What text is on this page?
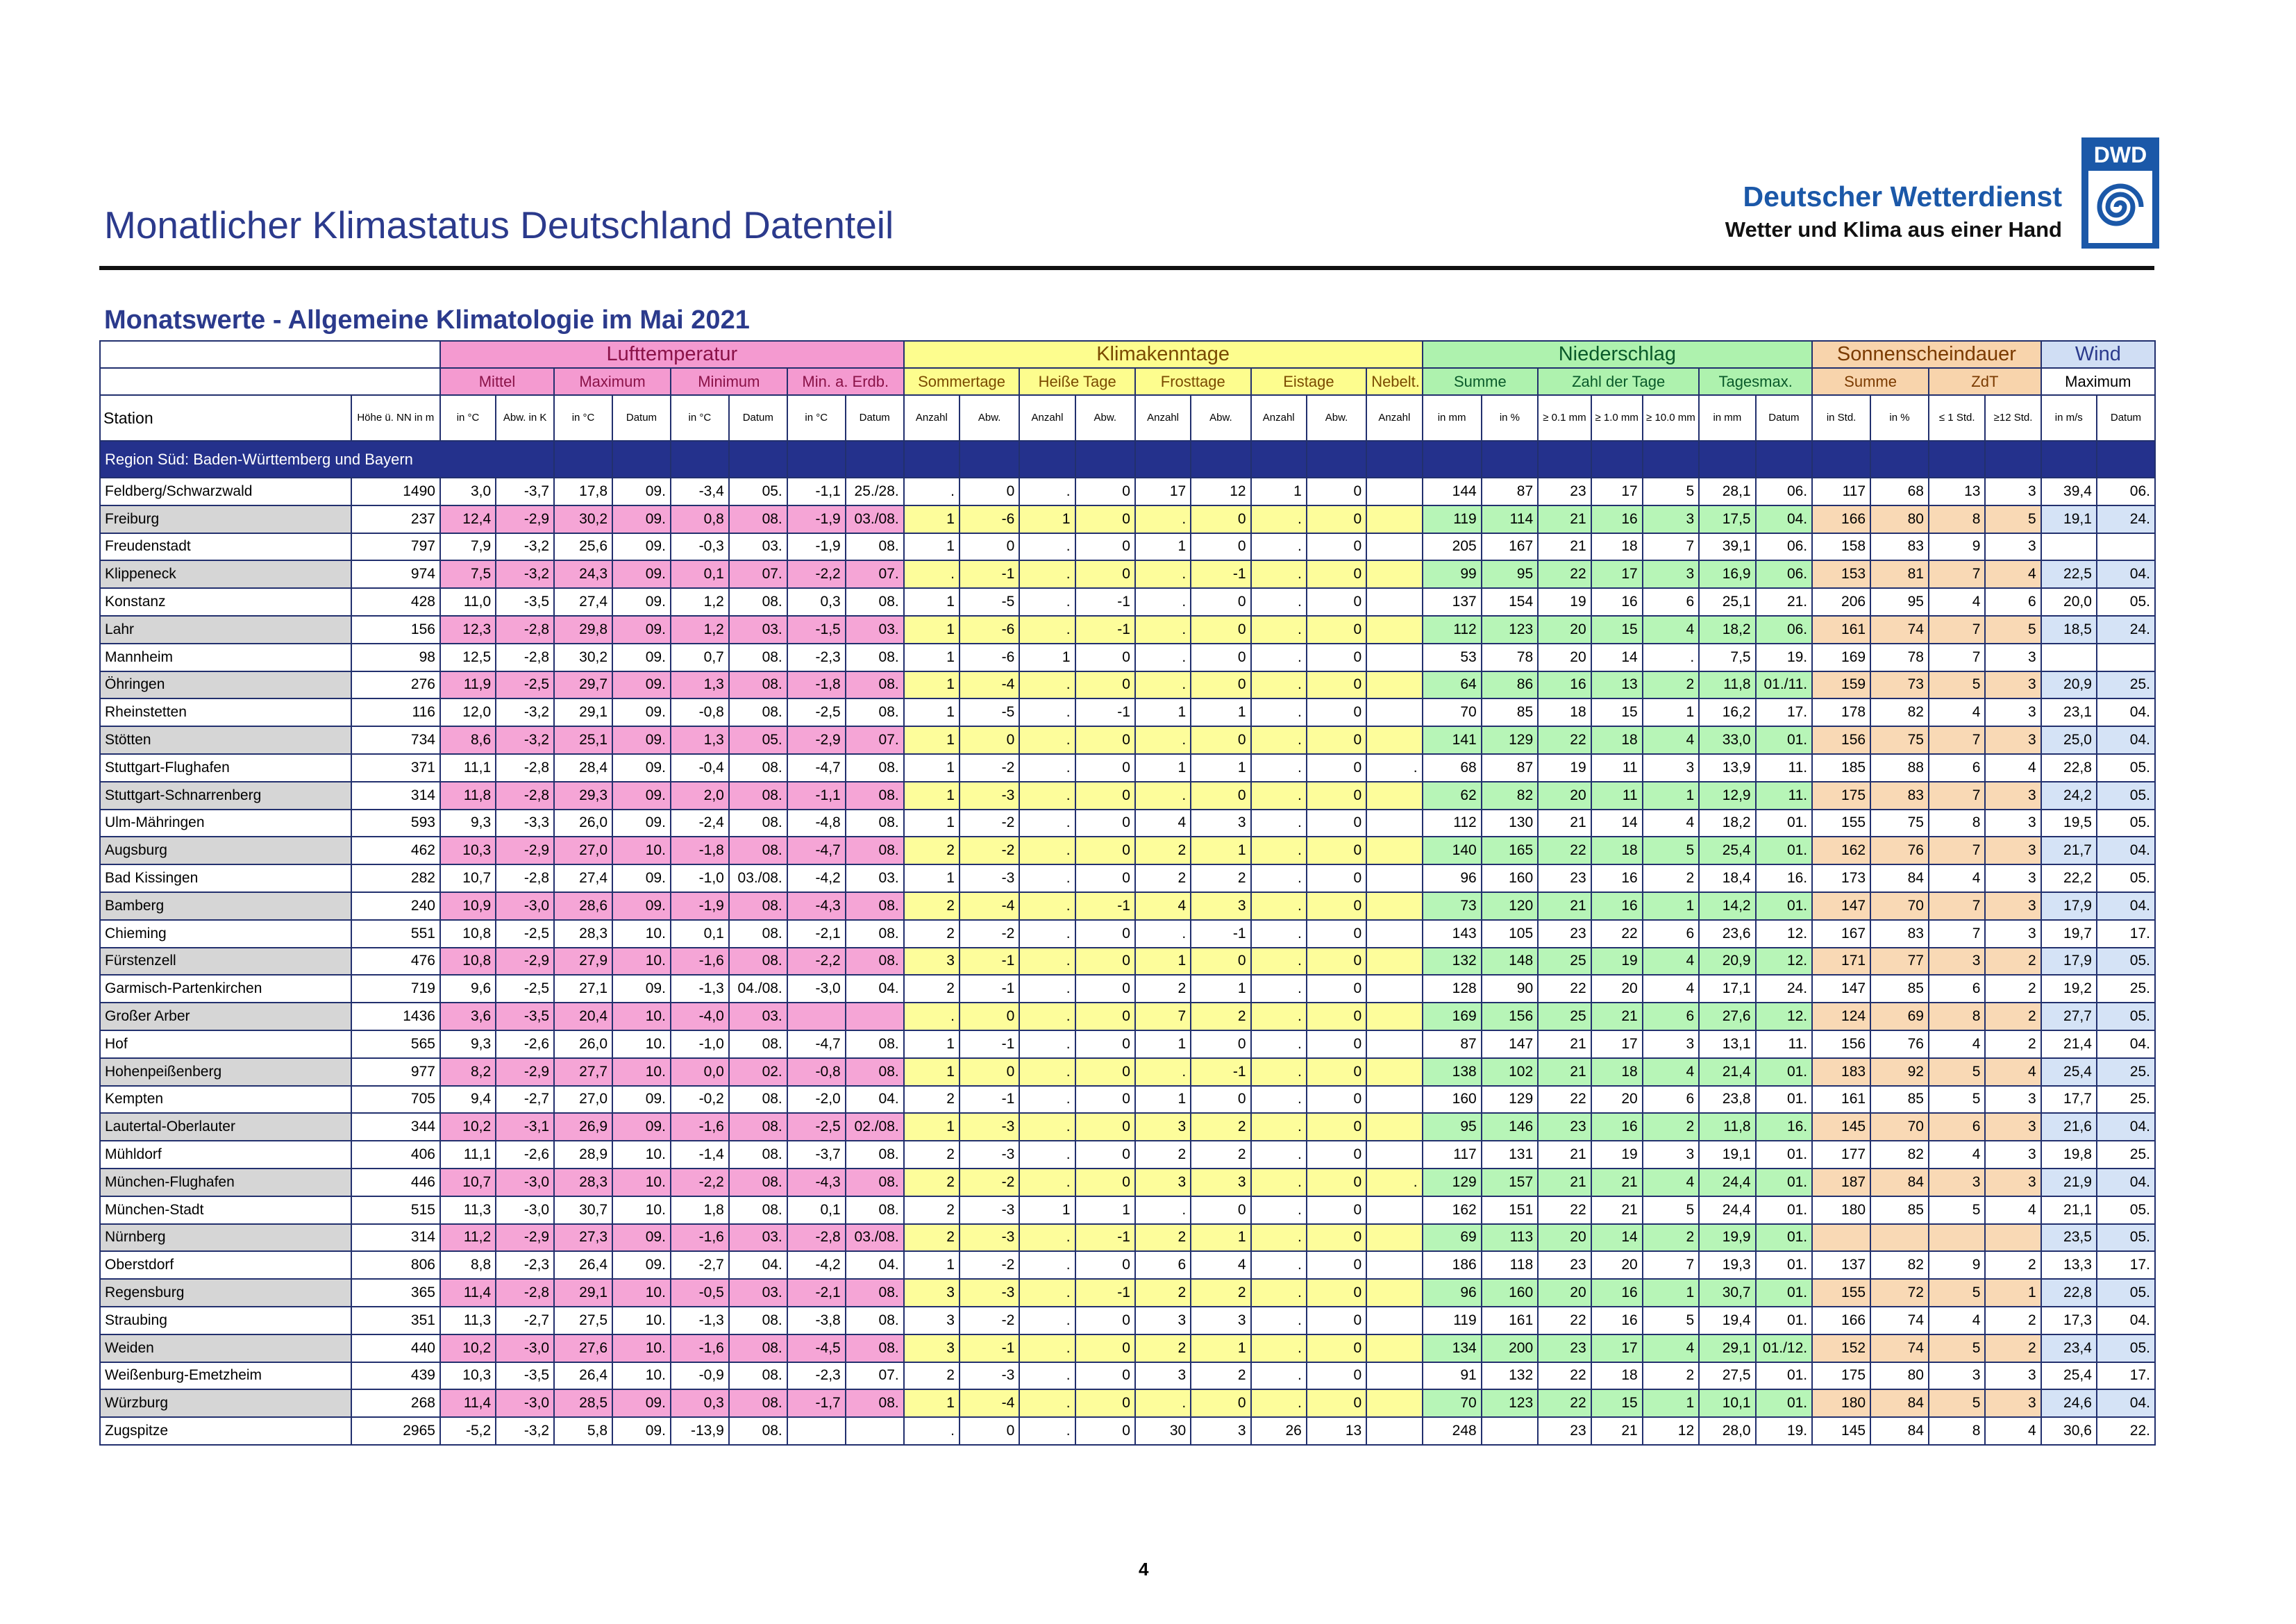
Monatlicher Klimastatus Deutschland Datenteil
Deutscher Wetterdienst
Wetter und Klima aus einer Hand
DWD
Monatswerte - Allgemeine Klimatologie im Mai 2021
		Lufttemperatur								Klimakenntage									Niederschlag							Sonnenscheindauer				Wind	
		Mittel		Maximum		Minimum		Min. a. Erdb.		Sommertage		Heiße Tage		Frosttage		Eistage		Nebelt.	Summe		Zahl der Tage			Tagesmax.		Summe		ZdT		Maximum	
Station	Höhe ü. NN in m	in °C	Abw. in K	in °C	Datum	in °C	Datum	in °C	Datum	Anzahl	Abw.	Anzahl	Abw.	Anzahl	Abw.	Anzahl	Abw.	Anzahl	in mm	in %	≥ 0.1 mm	≥ 1.0 mm	≥ 10.0 mm	in mm	Datum	in Std.	in %	≤ 1 Std.	≥12 Std.	in m/s	Datum
Region Süd: Baden-Württemberg und Bayern																															
Feldberg/Schwarzwald	1490	3,0	-3,7	17,8	09.	-3,4	05.	-1,1	25./28.	.	0	.	0	17	12	1	0		144	87	23	17	5	28,1	06.	117	68	13	3	39,4	06.
Freiburg	237	12,4	-2,9	30,2	09.	0,8	08.	-1,9	03./08.	1	-6	1	0	.	0	.	0		119	114	21	16	3	17,5	04.	166	80	8	5	19,1	24.
Freudenstadt	797	7,9	-3,2	25,6	09.	-0,3	03.	-1,9	08.	1	0	.	0	1	0	.	0		205	167	21	18	7	39,1	06.	158	83	9	3		
Klippeneck	974	7,5	-3,2	24,3	09.	0,1	07.	-2,2	07.	.	-1	.	0	.	-1	.	0		99	95	22	17	3	16,9	06.	153	81	7	4	22,5	04.
Konstanz	428	11,0	-3,5	27,4	09.	1,2	08.	0,3	08.	1	-5	.	-1	.	0	.	0		137	154	19	16	6	25,1	21.	206	95	4	6	20,0	05.
Lahr	156	12,3	-2,8	29,8	09.	1,2	03.	-1,5	03.	1	-6	.	-1	.	0	.	0		112	123	20	15	4	18,2	06.	161	74	7	5	18,5	24.
Mannheim	98	12,5	-2,8	30,2	09.	0,7	08.	-2,3	08.	1	-6	1	0	.	0	.	0		53	78	20	14	.	7,5	19.	169	78	7	3		
Öhringen	276	11,9	-2,5	29,7	09.	1,3	08.	-1,8	08.	1	-4	.	0	.	0	.	0		64	86	16	13	2	11,8	01./11.	159	73	5	3	20,9	25.
Rheinstetten	116	12,0	-3,2	29,1	09.	-0,8	08.	-2,5	08.	1	-5	.	-1	1	1	.	0		70	85	18	15	1	16,2	17.	178	82	4	3	23,1	04.
Stötten	734	8,6	-3,2	25,1	09.	1,3	05.	-2,9	07.	1	0	.	0	.	0	.	0		141	129	22	18	4	33,0	01.	156	75	7	3	25,0	04.
Stuttgart-Flughafen	371	11,1	-2,8	28,4	09.	-0,4	08.	-4,7	08.	1	-2	.	0	1	1	.	0	.	68	87	19	11	3	13,9	11.	185	88	6	4	22,8	05.
Stuttgart-Schnarrenberg	314	11,8	-2,8	29,3	09.	2,0	08.	-1,1	08.	1	-3	.	0	.	0	.	0		62	82	20	11	1	12,9	11.	175	83	7	3	24,2	05.
Ulm-Mähringen	593	9,3	-3,3	26,0	09.	-2,4	08.	-4,8	08.	1	-2	.	0	4	3	.	0		112	130	21	14	4	18,2	01.	155	75	8	3	19,5	05.
Augsburg	462	10,3	-2,9	27,0	10.	-1,8	08.	-4,7	08.	2	-2	.	0	2	1	.	0		140	165	22	18	5	25,4	01.	162	76	7	3	21,7	04.
Bad Kissingen	282	10,7	-2,8	27,4	09.	-1,0	03./08.	-4,2	03.	1	-3	.	0	2	2	.	0		96	160	23	16	2	18,4	16.	173	84	4	3	22,2	05.
Bamberg	240	10,9	-3,0	28,6	09.	-1,9	08.	-4,3	08.	2	-4	.	-1	4	3	.	0		73	120	21	16	1	14,2	01.	147	70	7	3	17,9	04.
Chieming	551	10,8	-2,5	28,3	10.	0,1	08.	-2,1	08.	2	-2	.	0	.	-1	.	0		143	105	23	22	6	23,6	12.	167	83	7	3	19,7	17.
Fürstenzell	476	10,8	-2,9	27,9	10.	-1,6	08.	-2,2	08.	3	-1	.	0	1	0	.	0		132	148	25	19	4	20,9	12.	171	77	3	2	17,9	05.
Garmisch-Partenkirchen	719	9,6	-2,5	27,1	09.	-1,3	04./08.	-3,0	04.	2	-1	.	0	2	1	.	0		128	90	22	20	4	17,1	24.	147	85	6	2	19,2	25.
Großer Arber	1436	3,6	-3,5	20,4	10.	-4,0	03.			.	0	.	0	7	2	.	0		169	156	25	21	6	27,6	12.	124	69	8	2	27,7	05.
Hof	565	9,3	-2,6	26,0	10.	-1,0	08.	-4,7	08.	1	-1	.	0	1	0	.	0		87	147	21	17	3	13,1	11.	156	76	4	2	21,4	04.
Hohenpeißenberg	977	8,2	-2,9	27,7	10.	0,0	02.	-0,8	08.	1	0	.	0	.	-1	.	0		138	102	21	18	4	21,4	01.	183	92	5	4	25,4	25.
Kempten	705	9,4	-2,7	27,0	09.	-0,2	08.	-2,0	04.	2	-1	.	0	1	0	.	0		160	129	22	20	6	23,8	01.	161	85	5	3	17,7	25.
Lautertal-Oberlauter	344	10,2	-3,1	26,9	09.	-1,6	08.	-2,5	02./08.	1	-3	.	0	3	2	.	0		95	146	23	16	2	11,8	16.	145	70	6	3	21,6	04.
Mühldorf	406	11,1	-2,6	28,9	10.	-1,4	08.	-3,7	08.	2	-3	.	0	2	2	.	0		117	131	21	19	3	19,1	01.	177	82	4	3	19,8	25.
München-Flughafen	446	10,7	-3,0	28,3	10.	-2,2	08.	-4,3	08.	2	-2	.	0	3	3	.	0	.	129	157	21	21	4	24,4	01.	187	84	3	3	21,9	04.
München-Stadt	515	11,3	-3,0	30,7	10.	1,8	08.	0,1	08.	2	-3	1	1	.	0	.	0		162	151	22	21	5	24,4	01.	180	85	5	4	21,1	05.
Nürnberg	314	11,2	-2,9	27,3	09.	-1,6	03.	-2,8	03./08.	2	-3	.	-1	2	1	.	0		69	113	20	14	2	19,9	01.					23,5	05.
Oberstdorf	806	8,8	-2,3	26,4	09.	-2,7	04.	-4,2	04.	1	-2	.	0	6	4	.	0		186	118	23	20	7	19,3	01.	137	82	9	2	13,3	17.
Regensburg	365	11,4	-2,8	29,1	10.	-0,5	03.	-2,1	08.	3	-3	.	-1	2	2	.	0		96	160	20	16	1	30,7	01.	155	72	5	1	22,8	05.
Straubing	351	11,3	-2,7	27,5	10.	-1,3	08.	-3,8	08.	3	-2	.	0	3	3	.	0		119	161	22	16	5	19,4	01.	166	74	4	2	17,3	04.
Weiden	440	10,2	-3,0	27,6	10.	-1,6	08.	-4,5	08.	3	-1	.	0	2	1	.	0		134	200	23	17	4	29,1	01./12.	152	74	5	2	23,4	05.
Weißenburg-Emetzheim	439	10,3	-3,5	26,4	10.	-0,9	08.	-2,3	07.	2	-3	.	0	3	2	.	0		91	132	22	18	2	27,5	01.	175	80	3	3	25,4	17.
Würzburg	268	11,4	-3,0	28,5	09.	0,3	08.	-1,7	08.	1	-4	.	0	.	0	.	0		70	123	22	15	1	10,1	01.	180	84	5	3	24,6	04.
Zugspitze	2965	-5,2	-3,2	5,8	09.	-13,9	08.			.	0	.	0	30	3	26	13		248		23	21	12	28,0	19.	145	84	8	4	30,6	22.
4
